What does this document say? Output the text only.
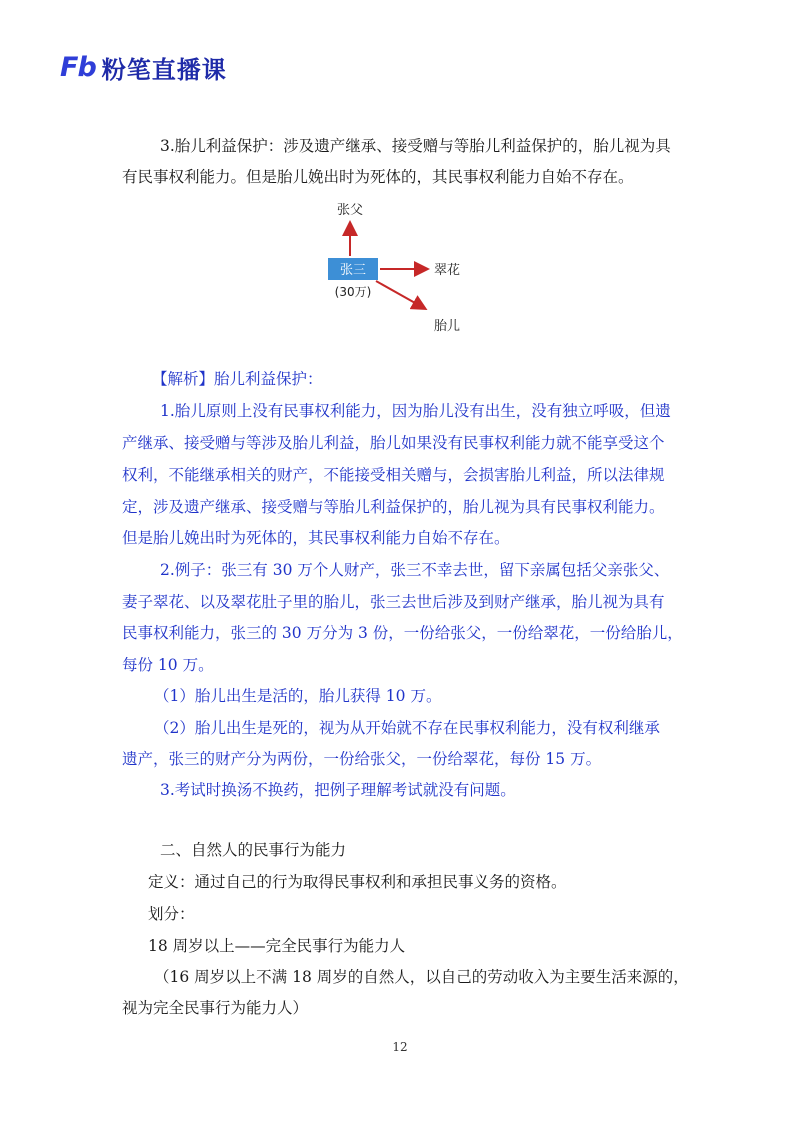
Fb 粉笔直播课
3.胎儿利益保护：涉及遗产继承、接受赠与等胎儿利益保护的，胎儿视为具
有民事权利能力。但是胎儿娩出时为死体的，其民事权利能力自始不存在。
张父
张三
(30万)
翠花
胎儿
【解析】胎儿利益保护：
1.胎儿原则上没有民事权利能力，因为胎儿没有出生，没有独立呼吸，但遗
产继承、接受赠与等涉及胎儿利益，胎儿如果没有民事权利能力就不能享受这个
权利，不能继承相关的财产，不能接受相关赠与，会损害胎儿利益，所以法律规
定，涉及遗产继承、接受赠与等胎儿利益保护的，胎儿视为具有民事权利能力。
但是胎儿娩出时为死体的，其民事权利能力自始不存在。
2.例子：张三有 30 万个人财产，张三不幸去世，留下亲属包括父亲张父、
妻子翠花、以及翠花肚子里的胎儿，张三去世后涉及到财产继承，胎儿视为具有
民事权利能力，张三的 30 万分为 3 份，一份给张父，一份给翠花，一份给胎儿，
每份 10 万。
（1）胎儿出生是活的，胎儿获得 10 万。
（2）胎儿出生是死的，视为从开始就不存在民事权利能力，没有权利继承
遗产，张三的财产分为两份，一份给张父，一份给翠花，每份 15 万。
3.考试时换汤不换药，把例子理解考试就没有问题。
二、自然人的民事行为能力
定义：通过自己的行为取得民事权利和承担民事义务的资格。
划分：
18 周岁以上——完全民事行为能力人
（16 周岁以上不满 18 周岁的自然人，以自己的劳动收入为主要生活来源的，
视为完全民事行为能力人）
12
